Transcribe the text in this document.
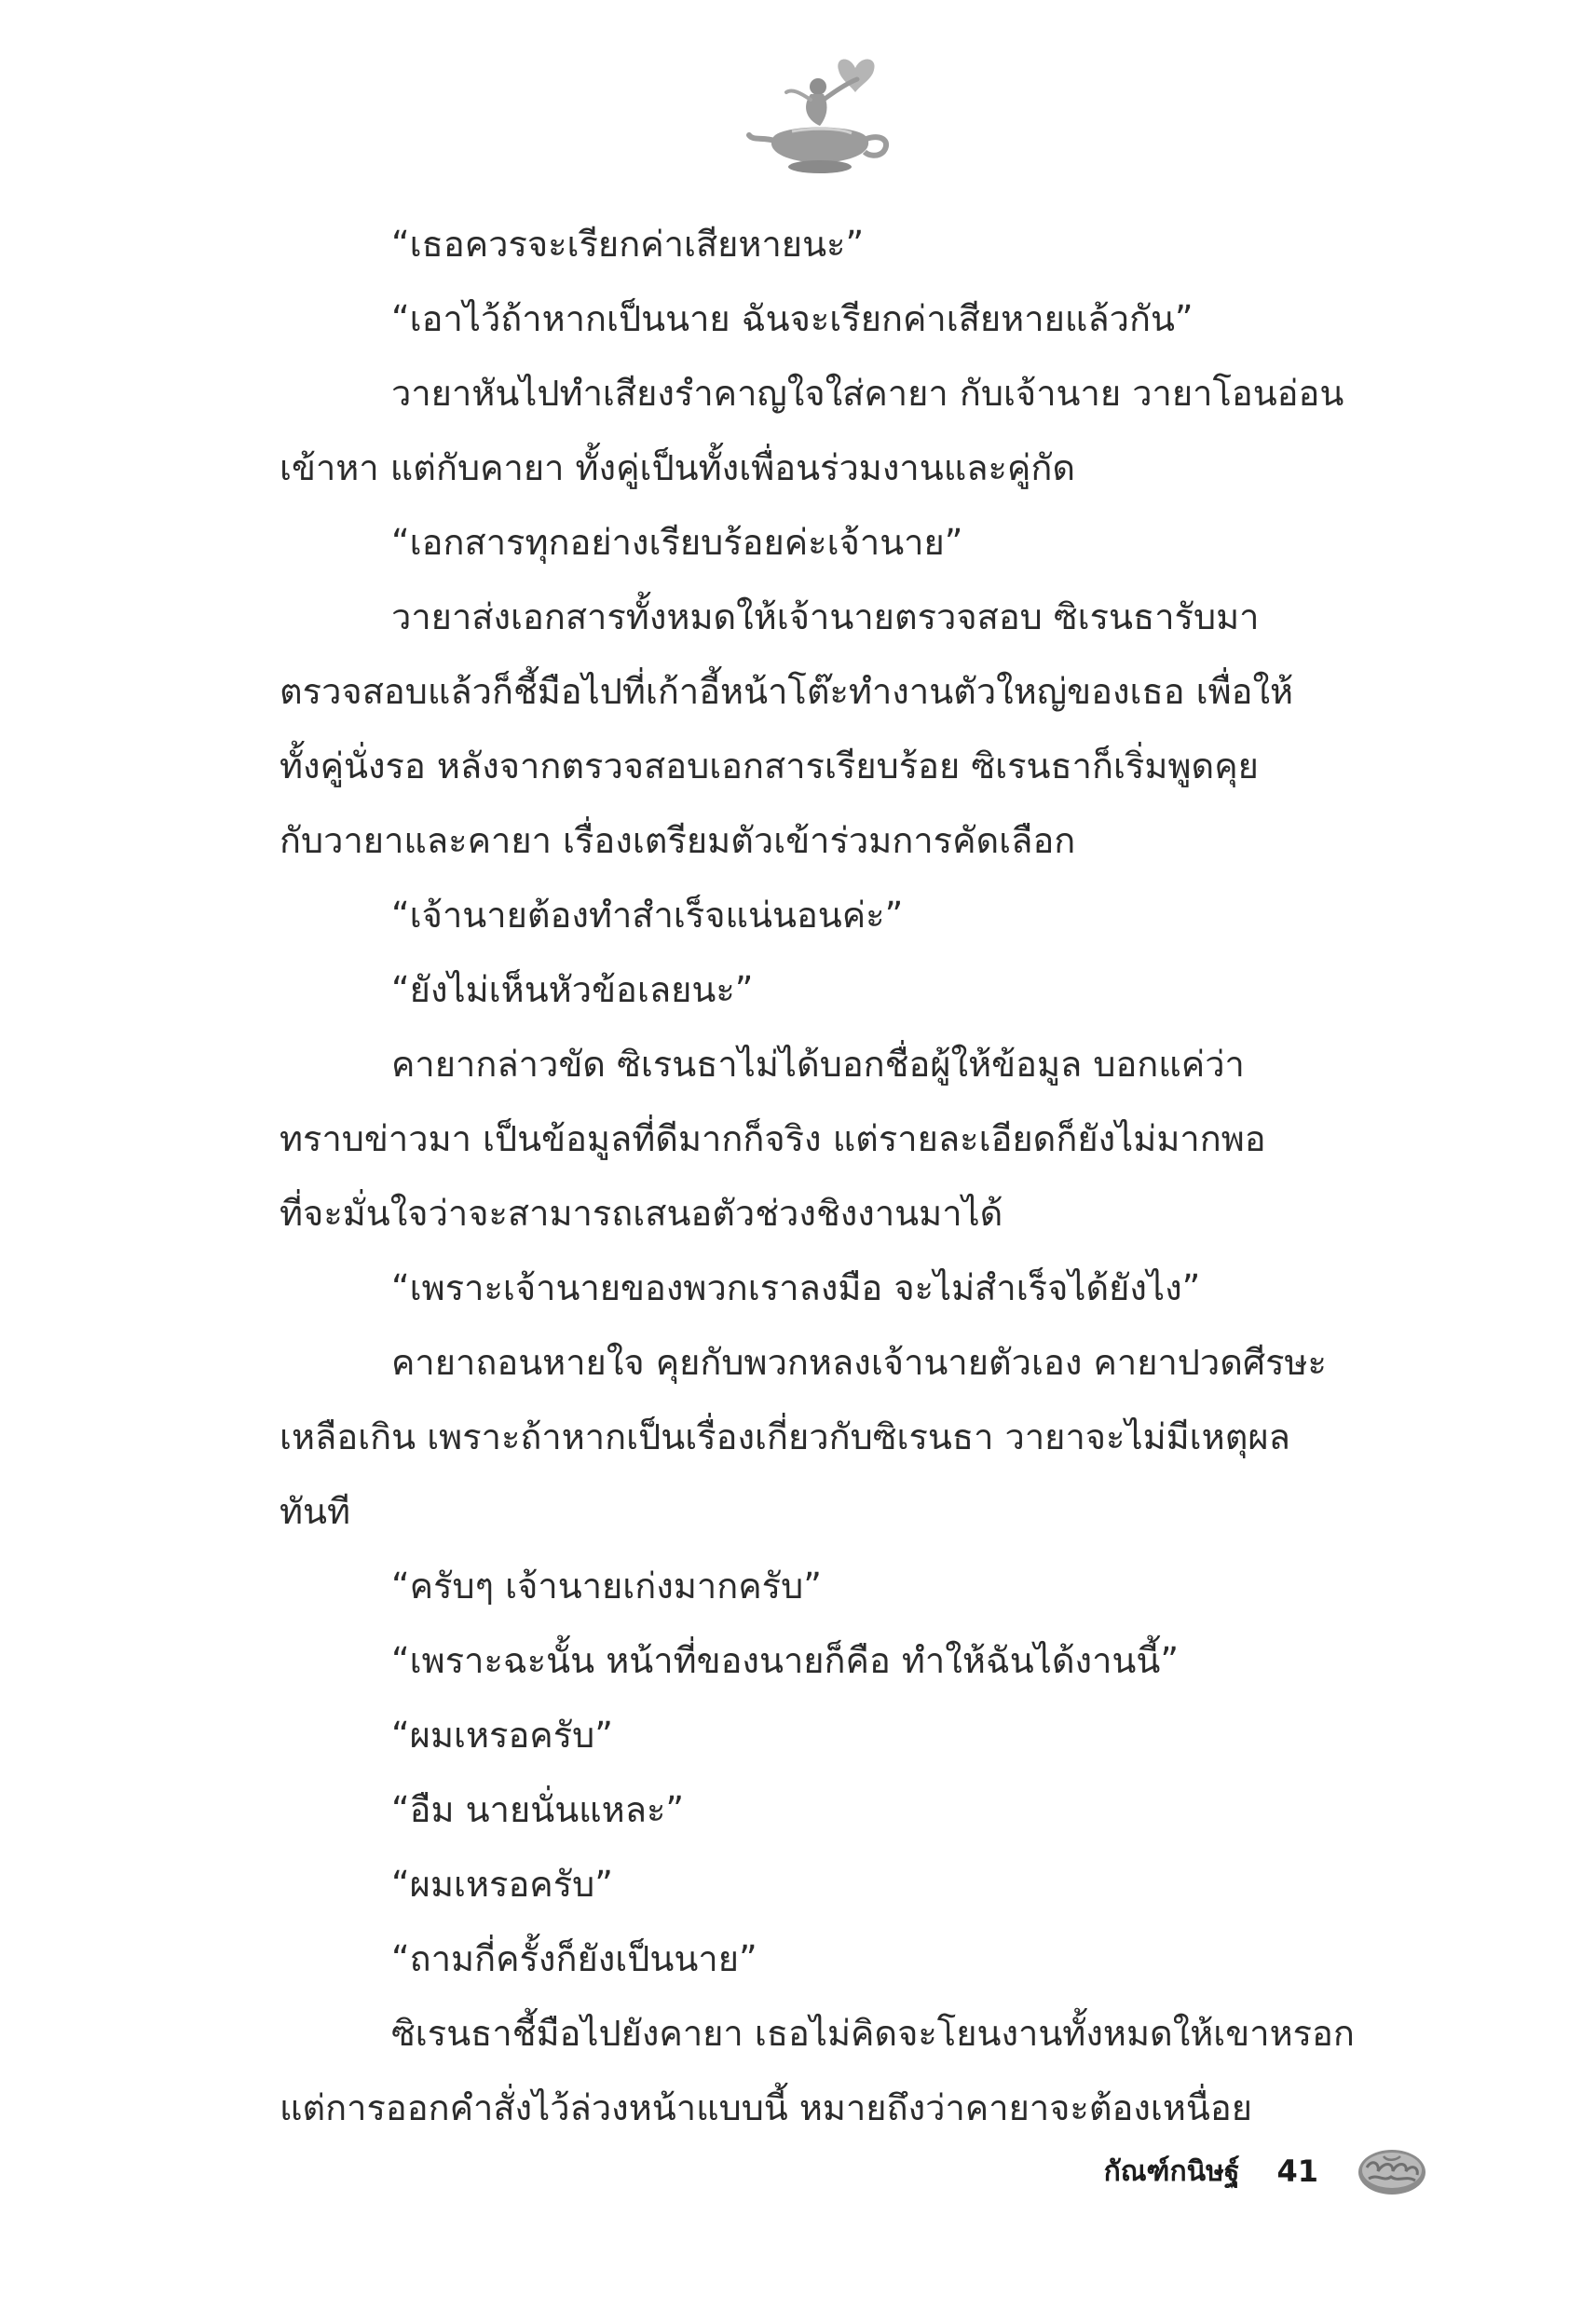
“เธอควรจะเรียกค่าเสียหายนะ”
“เอาไว้ถ้าหากเป็นนาย ฉันจะเรียกค่าเสียหายแล้วกัน”
วายาหันไปทำเสียงรำคาญใจใส่คายา กับเจ้านาย วายาโอนอ่อน
เข้าหา แต่กับคายา ทั้งคู่เป็นทั้งเพื่อนร่วมงานและคู่กัด
“เอกสารทุกอย่างเรียบร้อยค่ะเจ้านาย”
วายาส่งเอกสารทั้งหมดให้เจ้านายตรวจสอบ ซิเรนธารับมา
ตรวจสอบแล้วก็ชี้มือไปที่เก้าอี้หน้าโต๊ะทำงานตัวใหญ่ของเธอ เพื่อให้
ทั้งคู่นั่งรอ หลังจากตรวจสอบเอกสารเรียบร้อย ซิเรนธาก็เริ่มพูดคุย
กับวายาและคายา เรื่องเตรียมตัวเข้าร่วมการคัดเลือก
“เจ้านายต้องทำสำเร็จแน่นอนค่ะ”
“ยังไม่เห็นหัวข้อเลยนะ”
คายากล่าวขัด ซิเรนธาไม่ได้บอกชื่อผู้ให้ข้อมูล บอกแค่ว่า
ทราบข่าวมา เป็นข้อมูลที่ดีมากก็จริง แต่รายละเอียดก็ยังไม่มากพอ
ที่จะมั่นใจว่าจะสามารถเสนอตัวช่วงชิงงานมาได้
“เพราะเจ้านายของพวกเราลงมือ จะไม่สำเร็จได้ยังไง”
คายาถอนหายใจ คุยกับพวกหลงเจ้านายตัวเอง คายาปวดศีรษะ
เหลือเกิน เพราะถ้าหากเป็นเรื่องเกี่ยวกับซิเรนธา วายาจะไม่มีเหตุผล
ทันที
“ครับๆ เจ้านายเก่งมากครับ”
“เพราะฉะนั้น หน้าที่ของนายก็คือ ทำให้ฉันได้งานนี้”
“ผมเหรอครับ”
“อืม นายนั่นแหละ”
“ผมเหรอครับ”
“ถามกี่ครั้งก็ยังเป็นนาย”
ซิเรนธาชี้มือไปยังคายา เธอไม่คิดจะโยนงานทั้งหมดให้เขาหรอก
แต่การออกคำสั่งไว้ล่วงหน้าแบบนี้ หมายถึงว่าคายาจะต้องเหนื่อย
กัณฑ์กนิษฐ์ 41
